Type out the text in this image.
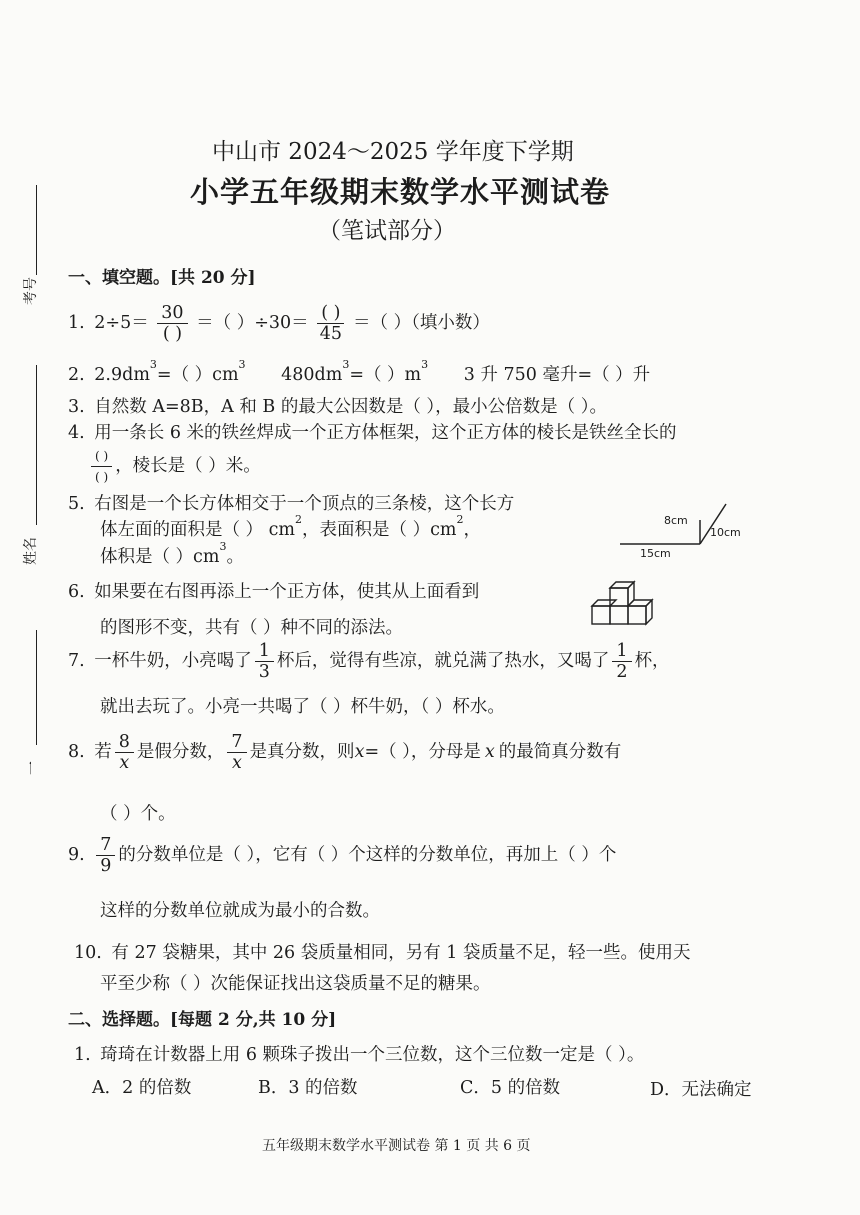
考号
姓名
一
中山市 2024～2025 学年度下学期
小学五年级期末数学水平测试卷
（笔试部分）
一、填空题。[共 20 分]
1. $2\div 5= \frac{30}{( )}$ ＝（ ）$\div 30= \frac{( )}{45}$ ＝（ ）（填小数）
2. $2.9dm^3=$（ ）$cm^3$ $480dm^3=$（ ）$m^3$ 3 升 750 毫升=（ ）升
3. 自然数 A=8B，A 和 B 的最大公因数是（ ），最小公倍数是（ ）。
4. 用一条长 6 米的铁丝焊成一个正方体框架，这个正方体的棱长是铁丝全长的
$\frac{( )}{( )}$ ，棱长是（ ）米。
5. 右图是一个长方体相交于一个顶点的三条棱，这个长方
体左面的面积是（ ） $cm^2$，表面积是（ ）$cm^2$，
体积是（ ）$cm^3$。
8cm
10cm
15cm
6. 如果要在右图再添上一个正方体，使其从上面看到
的图形不变，共有（ ）种不同的添法。
7. 一杯牛奶，小亮喝了 $\frac{1}{3}$ 杯后，觉得有些凉，就兑满了热水，又喝了 $\frac{1}{2}$ 杯，
就出去玩了。小亮一共喝了（ ）杯牛奶，（ ）杯水。
8. 若 $\frac{8}{x}$ 是假分数， $\frac{7}{x}$ 是真分数，则x=（ ），分母是 x 的最简真分数有
（ ）个。
9. $\frac{7}{9}$ 的分数单位是（ ），它有（ ）个这样的分数单位，再加上（ ）个
这样的分数单位就成为最小的合数。
10. 有 27 袋糖果，其中 26 袋质量相同，另有 1 袋质量不足，轻一些。使用天
平至少称（ ）次能保证找出这袋质量不足的糖果。
二、选择题。[每题 2 分,共 10 分]
1. 琦琦在计数器上用 6 颗珠子拨出一个三位数，这个三位数一定是（ ）。
A．2 的倍数	B．3 的倍数	C．5 的倍数	D．无法确定
五年级期末数学水平测试卷 第 1 页 共 6 页
